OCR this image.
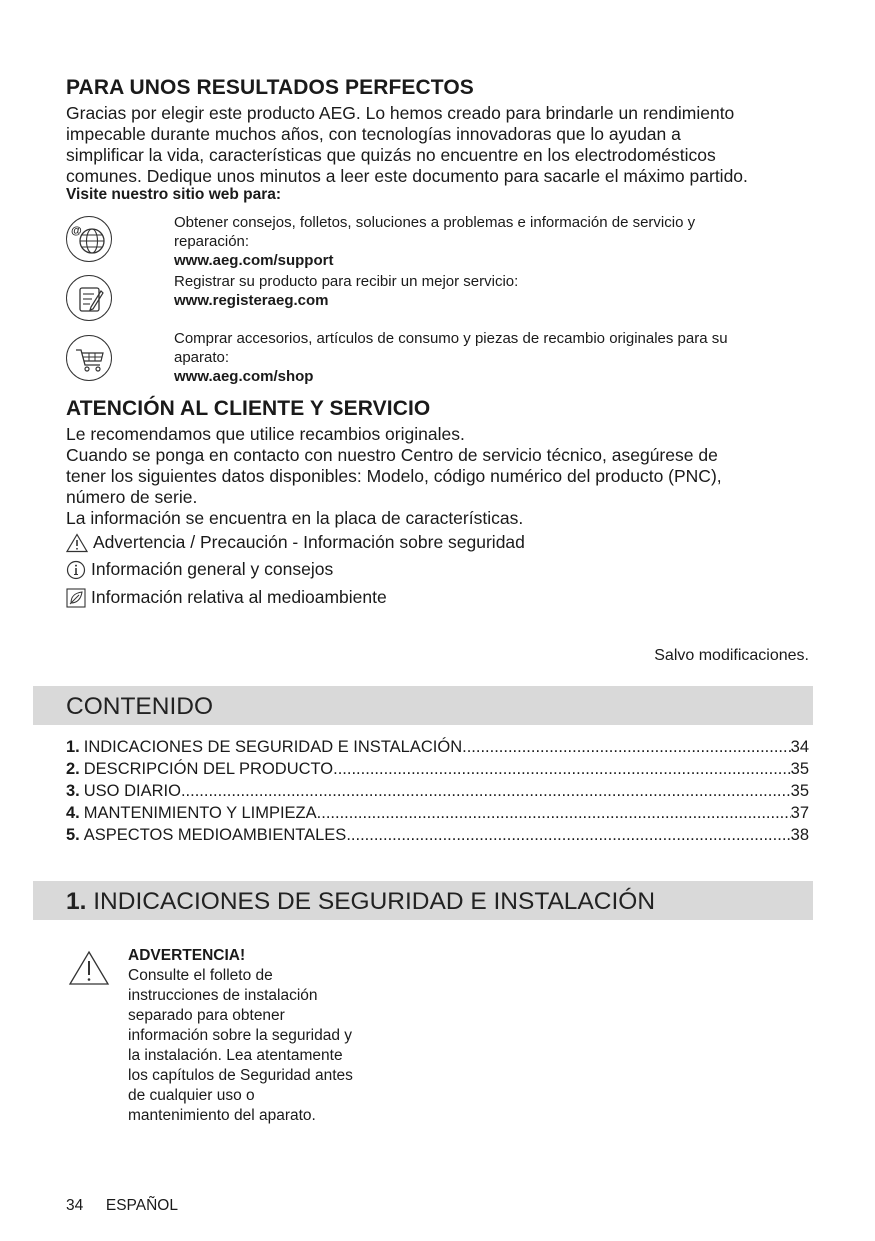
PARA UNOS RESULTADOS PERFECTOS
Gracias por elegir este producto AEG. Lo hemos creado para brindarle un rendimiento
impecable durante muchos años, con tecnologías innovadoras que lo ayudan a
simplificar la vida, características que quizás no encuentre en los electrodomésticos
comunes. Dedique unos minutos a leer este documento para sacarle el máximo partido.
Visite nuestro sitio web para:
@	Obtener consejos, folletos, soluciones a problemas e información de servicio y
reparación:
www.aeg.com/support
Registrar su producto para recibir un mejor servicio:
www.registeraeg.com
Comprar accesorios, artículos de consumo y piezas de recambio originales para su
aparato:
www.aeg.com/shop
ATENCIÓN AL CLIENTE Y SERVICIO
Le recomendamos que utilice recambios originales.
Cuando se ponga en contacto con nuestro Centro de servicio técnico, asegúrese de
tener los siguientes datos disponibles: Modelo, código numérico del producto (PNC),
número de serie.
La información se encuentra en la placa de características.
Advertencia / Precaución - Información sobre seguridad
Información general y consejos
Información relativa al medioambiente
Salvo modificaciones.
CONTENIDO
1. INDICACIONES DE SEGURIDAD E INSTALACIÓN .....	34
2. DESCRIPCIÓN DEL PRODUCTO .....	35
3. USO DIARIO .....	35
4. MANTENIMIENTO Y LIMPIEZA .....	37
5. ASPECTOS MEDIOAMBIENTALES .....	38
1. INDICACIONES DE SEGURIDAD E INSTALACIÓN
ADVERTENCIA!
Consulte el folleto de
instrucciones de instalación
separado para obtener
información sobre la seguridad y
la instalación. Lea atentamente
los capítulos de Seguridad antes
de cualquier uso o
mantenimiento del aparato.
34 ESPAÑOL
